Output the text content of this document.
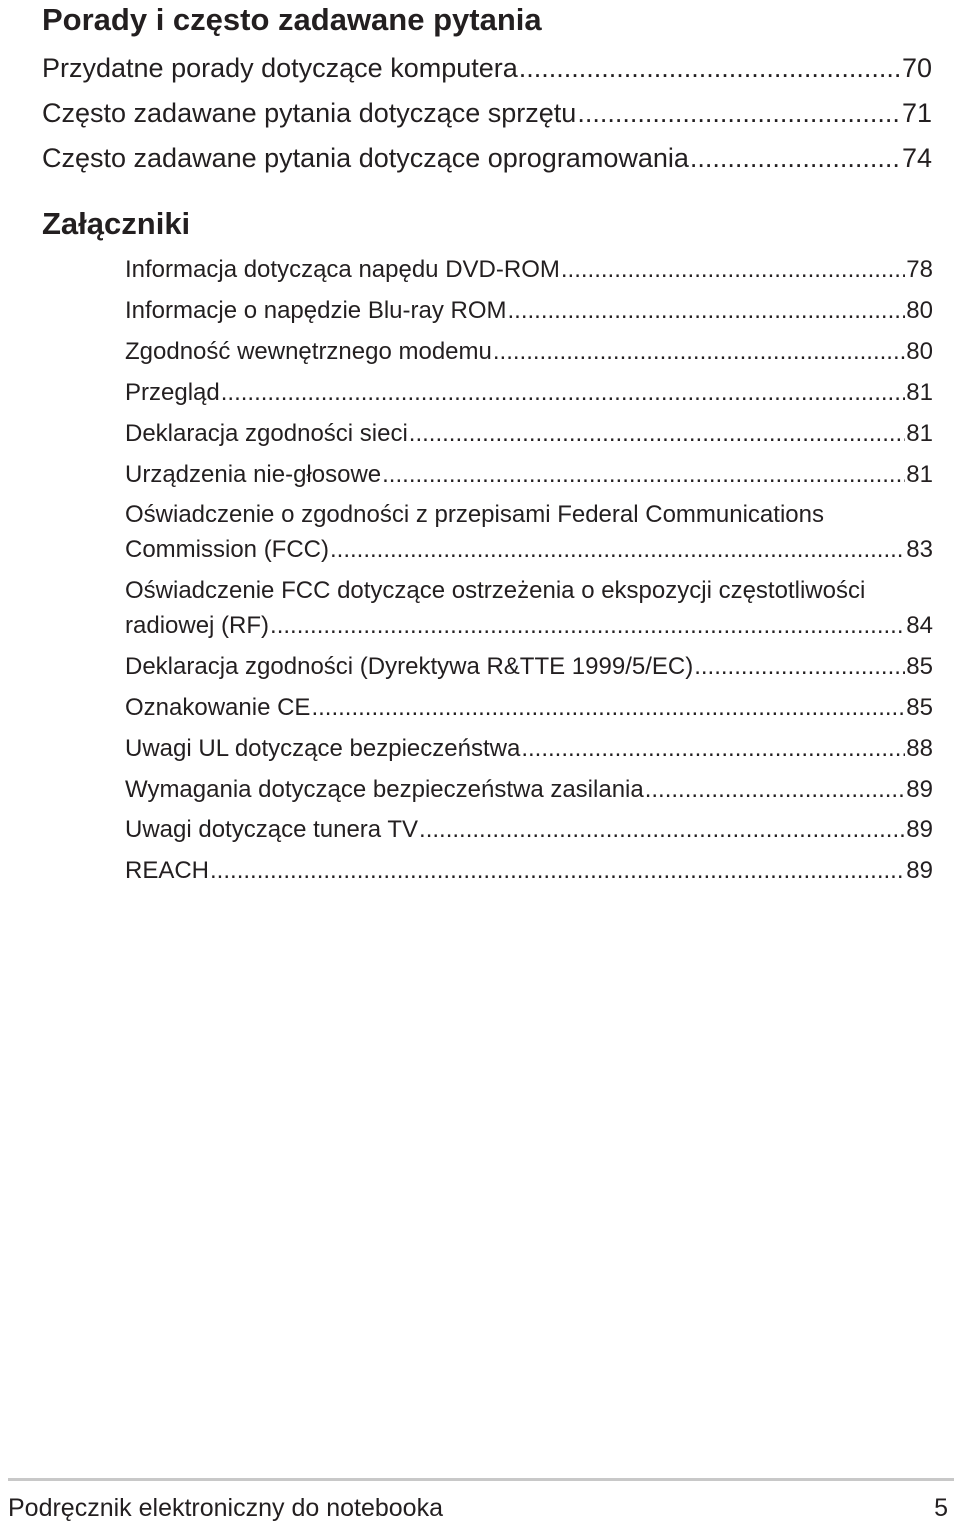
Porady i często zadawane pytania
Przydatne porady dotyczące komputera .....	70
Często zadawane pytania dotyczące sprzętu .....	71
Często zadawane pytania dotyczące oprogramowania .....	74
Załączniki
Informacja dotycząca napędu DVD-ROM .....	78
Informacje o napędzie Blu-ray ROM .....	80
Zgodność wewnętrznego modemu .....	80
Przegląd .....	81
Deklaracja zgodności sieci .....	81
Urządzenia nie-głosowe .....	81
Oświadczenie o zgodności z przepisami Federal Communications
Commission (FCC) .....	83
Oświadczenie FCC dotyczące ostrzeżenia o ekspozycji częstotliwości
radiowej (RF) .....	84
Deklaracja zgodności (Dyrektywa R&TTE 1999/5/EC) .....	85
Oznakowanie CE .....	85
Uwagi UL dotyczące bezpieczeństwa .....	88
Wymagania dotyczące bezpieczeństwa zasilania .....	89
Uwagi dotyczące tunera TV .....	89
REACH .....	89
Podręcznik elektroniczny do notebooka	5
